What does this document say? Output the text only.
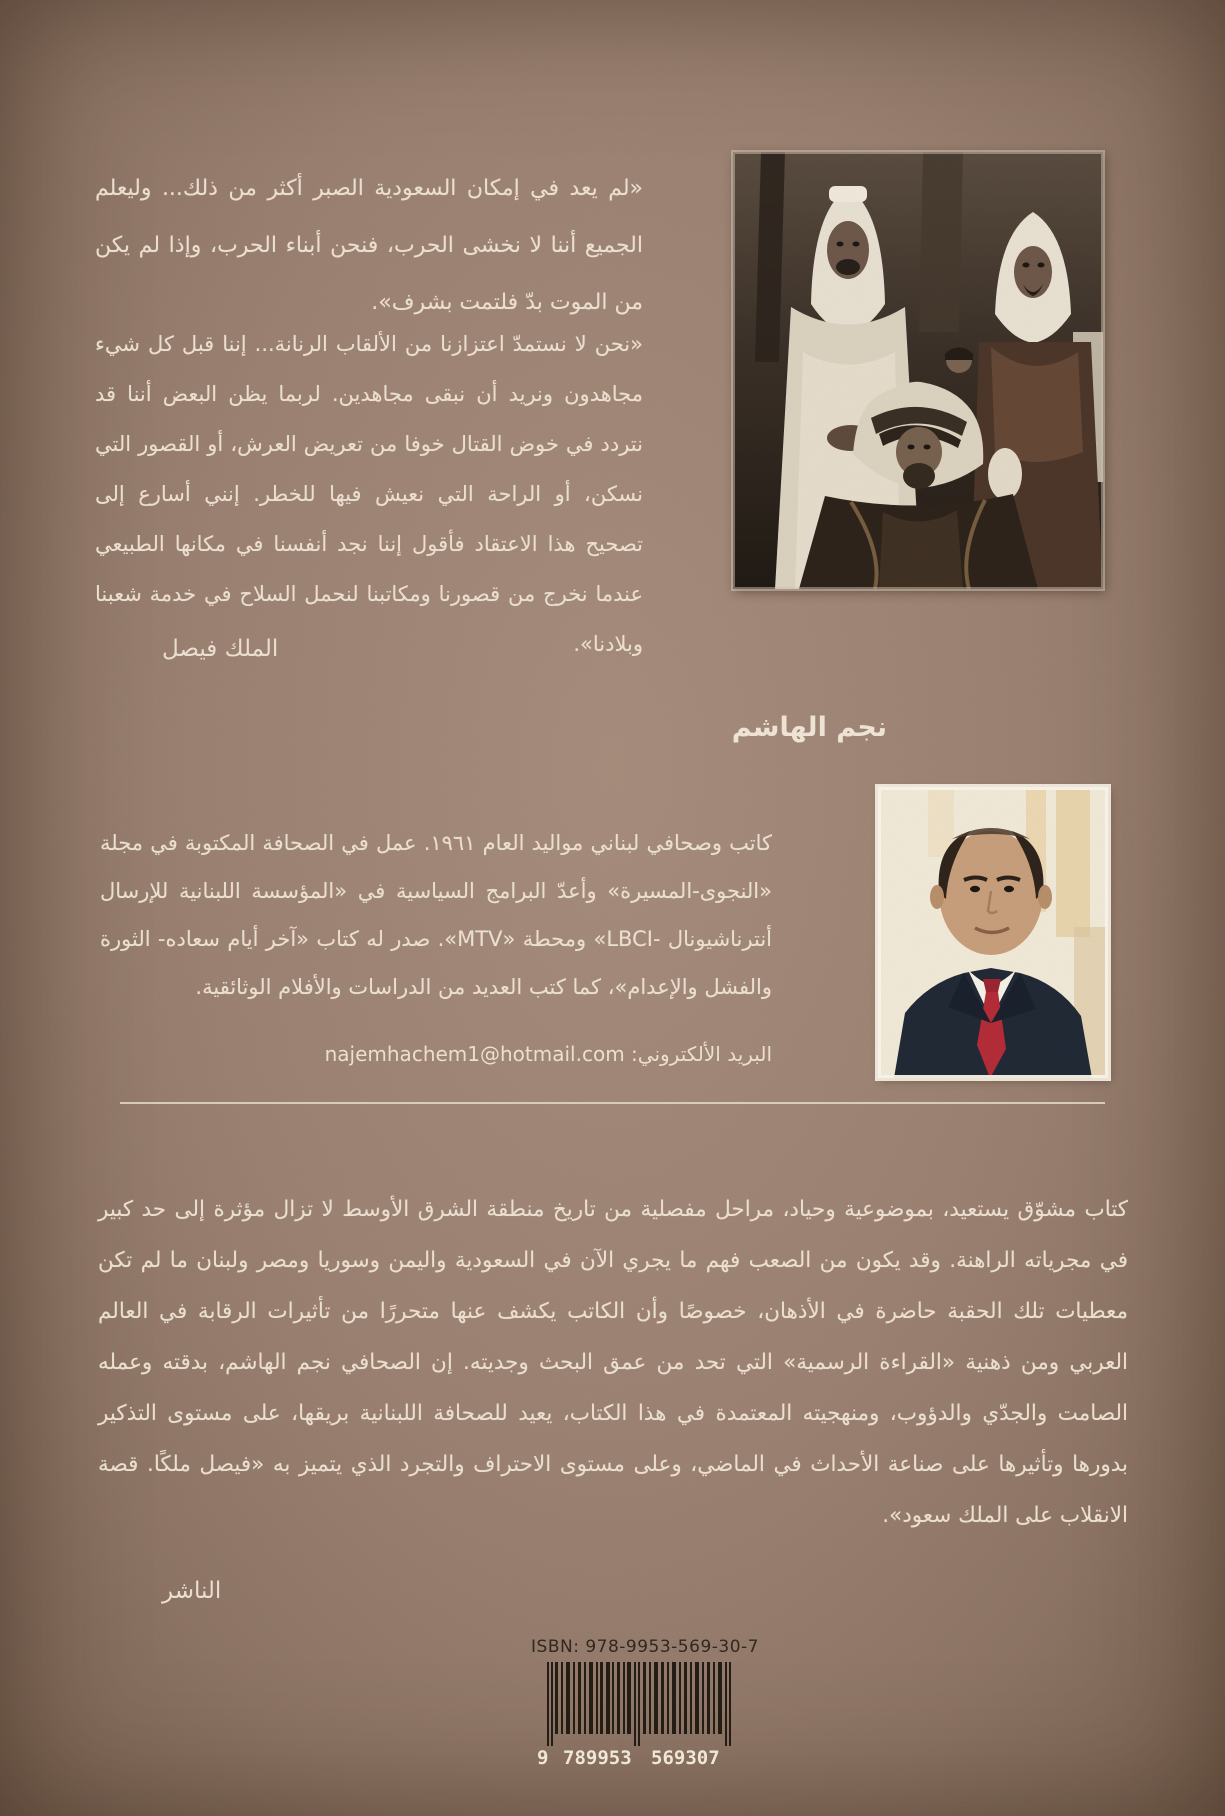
«لم يعد في إمكان السعودية الصبر أكثر من ذلك... وليعلم الجميع أننا لا نخشى الحرب، فنحن أبناء الحرب، وإذا لم يكن من الموت بدّ فلتمت بشرف».

«نحن لا نستمدّ اعتزازنا من الألقاب الرنانة... إننا قبل كل شيء مجاهدون ونريد أن نبقى مجاهدين. لربما يظن البعض أننا قد نتردد في خوض القتال خوفا من تعريض العرش، أو القصور التي نسكن، أو الراحة التي نعيش فيها للخطر. إنني أسارع إلى تصحيح هذا الاعتقاد فأقول إننا نجد أنفسنا في مكانها الطبيعي عندما نخرج من قصورنا ومكاتبنا لنحمل السلاح في خدمة شعبنا وبلادنا».

الملك فيصل
نجم الهاشم

كاتب وصحافي لبناني مواليد العام ١٩٦١. عمل في الصحافة المكتوبة في مجلة «النجوى-المسيرة» وأعدّ البرامج السياسية في «المؤسسة اللبنانية للإرسال أنترناشيونال -LBCI» ومحطة «MTV». صدر له كتاب «آخر أيام سعاده- الثورة والفشل والإعدام»، كما كتب العديد من الدراسات والأفلام الوثائقية.

البريد الألكتروني: najemhachem1@hotmail.com

كتاب مشوّق يستعيد، بموضوعية وحياد، مراحل مفصلية من تاريخ منطقة الشرق الأوسط لا تزال مؤثرة إلى حد كبير في مجرياته الراهنة. وقد يكون من الصعب فهم ما يجري الآن في السعودية واليمن وسوريا ومصر ولبنان ما لم تكن معطيات تلك الحقبة حاضرة في الأذهان، خصوصًا وأن الكاتب يكشف عنها متحررًا من تأثيرات الرقابة في العالم العربي ومن ذهنية «القراءة الرسمية» التي تحد من عمق البحث وجديته. إن الصحافي نجم الهاشم، بدقته وعمله الصامت والجدّي والدؤوب، ومنهجيته المعتمدة في هذا الكتاب، يعيد للصحافة اللبنانية بريقها، على مستوى التذكير بدورها وتأثيرها على صناعة الأحداث في الماضي، وعلى مستوى الاحتراف والتجرد الذي يتميز به «فيصل ملكًا. قصة الانقلاب على الملك سعود».

الناشر
ISBN: 978-9953-569-30-7
9 789953 569307
